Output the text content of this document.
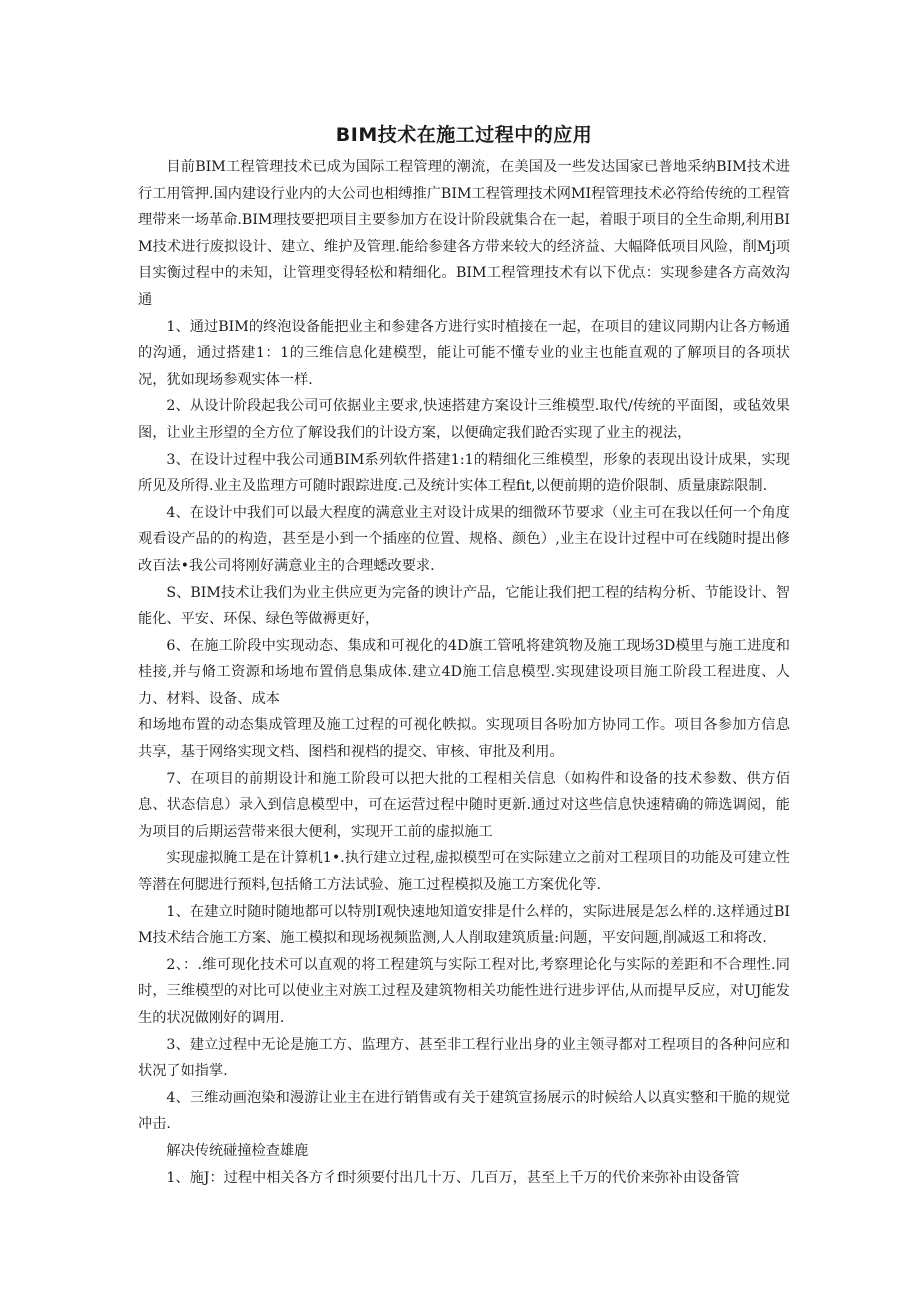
BIM技术在施工过程中的应用

目前BIM工程管理技术已成为国际工程管理的潮流，在美国及一些发达国家已普地采纳BIM技术进行工用管押.国内建设行业内的大公司也相缚推广BIM工程管理技术网MI程管理技术必符给传统的工程管理带来一场革命.BIM理技要把项目主要参加方在设计阶段就集合在一起，着眼于项目的全生命期,利用BIM技术进行废拟设计、建立、维护及管理.能给参建各方带来较大的经济益、大幅降低项目风险，削Mj项目实衡过程中的未知，让管理变得轻松和精细化。BIM工程管理技术有以下优点：实现参建各方高效沟通

1、通过BIM的终泡设备能把业主和参建各方进行实时植接在一起，在项目的建议同期内让各方畅通的沟通，通过搭建1：1的三维信息化建模型，能让可能不懂专业的业主也能直观的了解项目的各项状况，犹如现场参观实体一样.

2、从设计阶段起我公司可依据业主要求,快速搭建方案设计三维模型.取代/传统的平面图，或毡效果图，让业主形望的全方位了解设我们的计设方案，以便确定我们跄否实现了业主的视法，

3、在设计过程中我公司通BIM系列软件搭建1:1的精细化三维模型，形象的表现出设计成果，实现所见及所得.业主及监理方可随时跟踪进度.己及统计实体工程fit,以便前期的造价限制、质量康踪限制.

4、在设计中我们可以最大程度的满意业主对设计成果的细微环节要求（业主可在我以任何一个角度观看设产品的的构造，甚至是小到一个插座的位置、规格、颜色）,业主在设计过程中可在线随时提出修改百法•我公司将刚好满意业主的合理蟋改要求.

S、BIM技术让我们为业主供应更为完备的谀计产品，它能让我们把工程的结构分析、节能设计、智能化、平安、环保、绿色等做褥更好，

6、在施工阶段中实现动态、集成和可视化的4D旗工管吼将建筑物及施工现场3D模里与施工进度和桂接,并与脩工资源和场地布置俏息集成体.建立4D施工信息模型.实现建设项目施工阶段工程进度、人力、材料、设备、成本

和场地布置的动态集成管理及施工过程的可视化帙拟。实现项目各吩加方协同工作。项目各参加方信息共享，基于网络实现文档、图档和视档的提交、审核、审批及利用。

7、在项目的前期设计和施工阶段可以把大批的工程相关信息（如构件和设备的技术参数、供方佰息、状态信息）录入到信息模型中，可在运营过程中随时更新.通过对这些信息快速精确的筛选调阅，能为项目的后期运营带来很大便利，实现开工前的虚拟施工

实现虚拟腌工是在计算机1•.执行建立过程,虚拟模型可在实际建立之前对工程项目的功能及可建立性等潜在何腮进行预料,包括脩工方法试验、施工过程模拟及施工方案优化等.

1、在建立时随时随地都可以特別I观快速地知道安排是什么样的，实际进展是怎么样的.这样通过BIM技术结合施工方案、施工模拟和现场视频监测,人人削取建筑质量:问题，平安问题,削减返工和将改.

2、：.维可现化技术可以直观的将工程建筑与实际工程对比,考察理论化与实际的差距和不合理性.同时，三维模型的对比可以使业主对族工过程及建筑物相关功能性进行进步评估,从而提早反应，对UJ能发生的状况做刚好的调用.

3、建立过程中无论是施工方、监理方、甚至非工程行业出身的业主领寻都对工程项目的各种问应和状况了如指掌.

4、三维动画泡染和漫游让业主在进行销售或有关于建筑宣扬展示的时候给人以真实整和干脆的规觉冲击.

解决传统碰撞检查雄鹿

1、施J：过程中相关各方彳f时须要付出几十万、几百万，甚至上千万的代价来弥补由设备管
